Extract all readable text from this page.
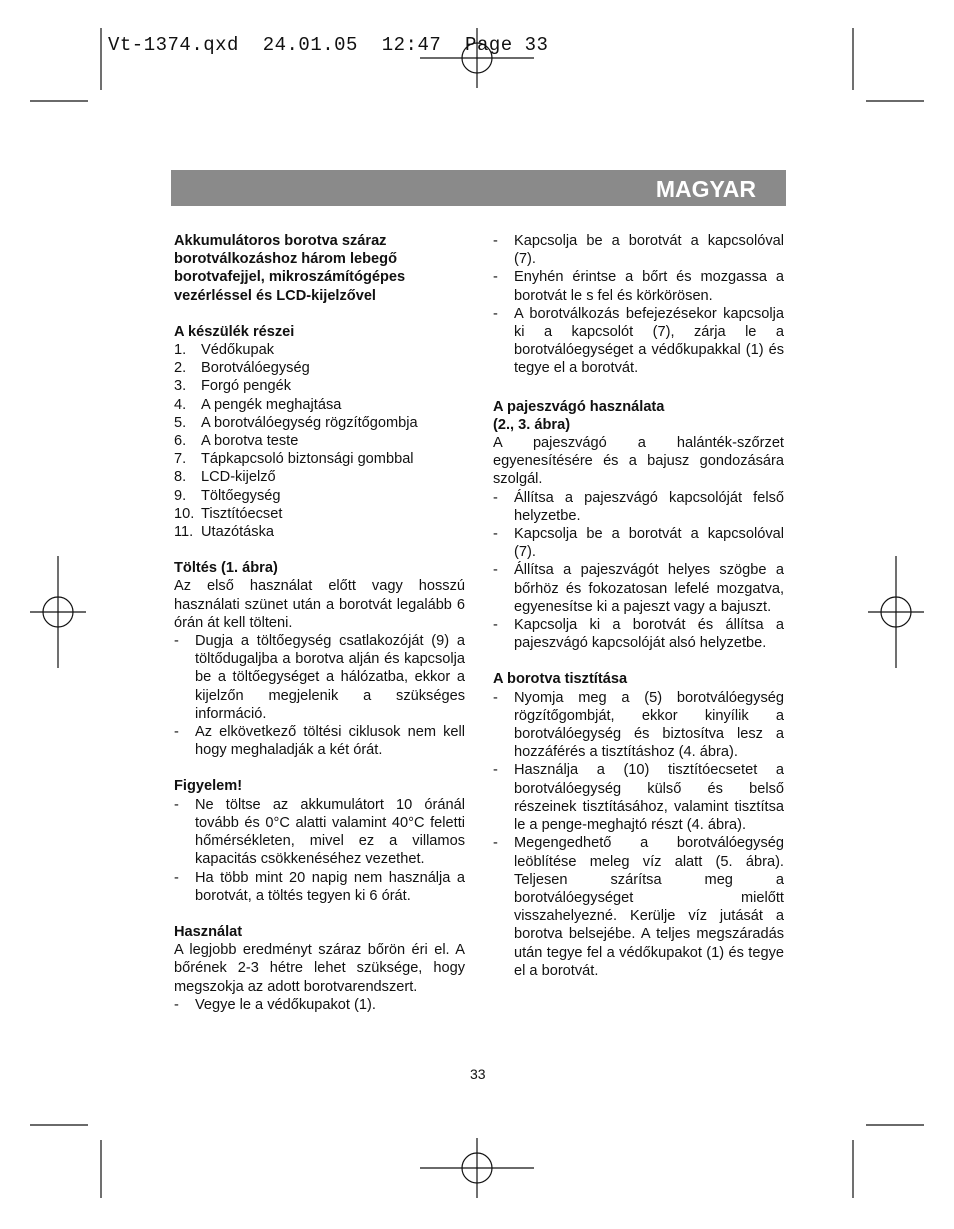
Vt-1374.qxd  24.01.05  12:47  Page 33
MAGYAR
Akkumulátoros borotva száraz borotválkozáshoz három lebegő borotvafejjel, mikroszámítógépes vezérléssel és LCD-kijelzővel
A készülék részei
1.	Védőkupak
2.	Borotválóegység
3.	Forgó pengék
4.	A pengék meghajtása
5.	A borotválóegység rögzítőgombja
6.	A borotva teste
7.	Tápkapcsoló biztonsági gombbal
8.	LCD-kijelző
9.	Töltőegység
10. Tisztítóecset
11. Utazótáska
Töltés (1. ábra)

Az első használat előtt vagy hosszú használati szünet után a borotvát legalább 6 órán át kell tölteni.

-	Dugja a töltőegység csatlakozóját (9) a töltődugaljba a borotva alján és kapcsolja be a töltőegységet a hálózatba, ekkor a kijelzőn megjelenik a szükséges információ.
-	Az elkövetkező töltési ciklusok nem kell hogy meghaladják a két órát.
Figyelem!
-	Ne töltse az akkumulátort 10 óránál tovább és 0°C alatti valamint 40°C feletti hőmérsékleten, mivel ez a villamos kapacitás csökkenéséhez vezethet.
-	Ha több mint 20 napig nem használja a borotvát, a töltés tegyen ki 6 órát.
Használat

A legjobb eredményt száraz bőrön éri el. A bőrének 2-3 hétre lehet szüksége, hogy megszokja az adott borotvarendszert.

-	Vegye le a védőkupakot (1).
-	Kapcsolja be a borotvát a kapcsolóval (7).
-	Enyhén érintse a bőrt és mozgassa a borotvát le s fel és körkörösen.
-	A borotválkozás befejezésekor kapcsolja ki a kapcsolót (7), zárja le a borotválóegységet a védőkupakkal (1) és tegye el a borotvát.
A pajeszvágó használata
(2., 3. ábra)

A pajeszvágó a halánték-szőrzet egyenesítésére és a bajusz gondozására szolgál.

-	Állítsa a pajeszvágó kapcsolóját felső helyzetbe.
-	Kapcsolja be a borotvát a kapcsolóval (7).
-	Állítsa a pajeszvágót helyes szögbe a bőrhöz és fokozatosan lefelé mozgatva, egyenesítse ki a pajeszt vagy a bajuszt.
-	Kapcsolja ki a borotvát és állítsa a pajeszvágó kapcsolóját alsó helyzetbe.
A borotva tisztítása
-	Nyomja meg a (5) borotválóegység rögzítőgombját, ekkor kinyílik a borotválóegység és biztosítva lesz a hozzáférés a tisztításhoz (4. ábra).
-	Használja a (10) tisztítóecsetet a borotválóegység külső és belső részeinek tisztításához, valamint tisztítsa le a penge-meghajtó részt (4. ábra).
-	Megengedhető a borotválóegység leöblítése meleg víz alatt (5. ábra). Teljesen szárítsa meg a borotválóegységet mielőtt visszahelyezné. Kerülje víz jutását a borotva belsejébe. A teljes megszáradás után tegye fel a védőkupakot (1) és tegye el a borotvát.
33
